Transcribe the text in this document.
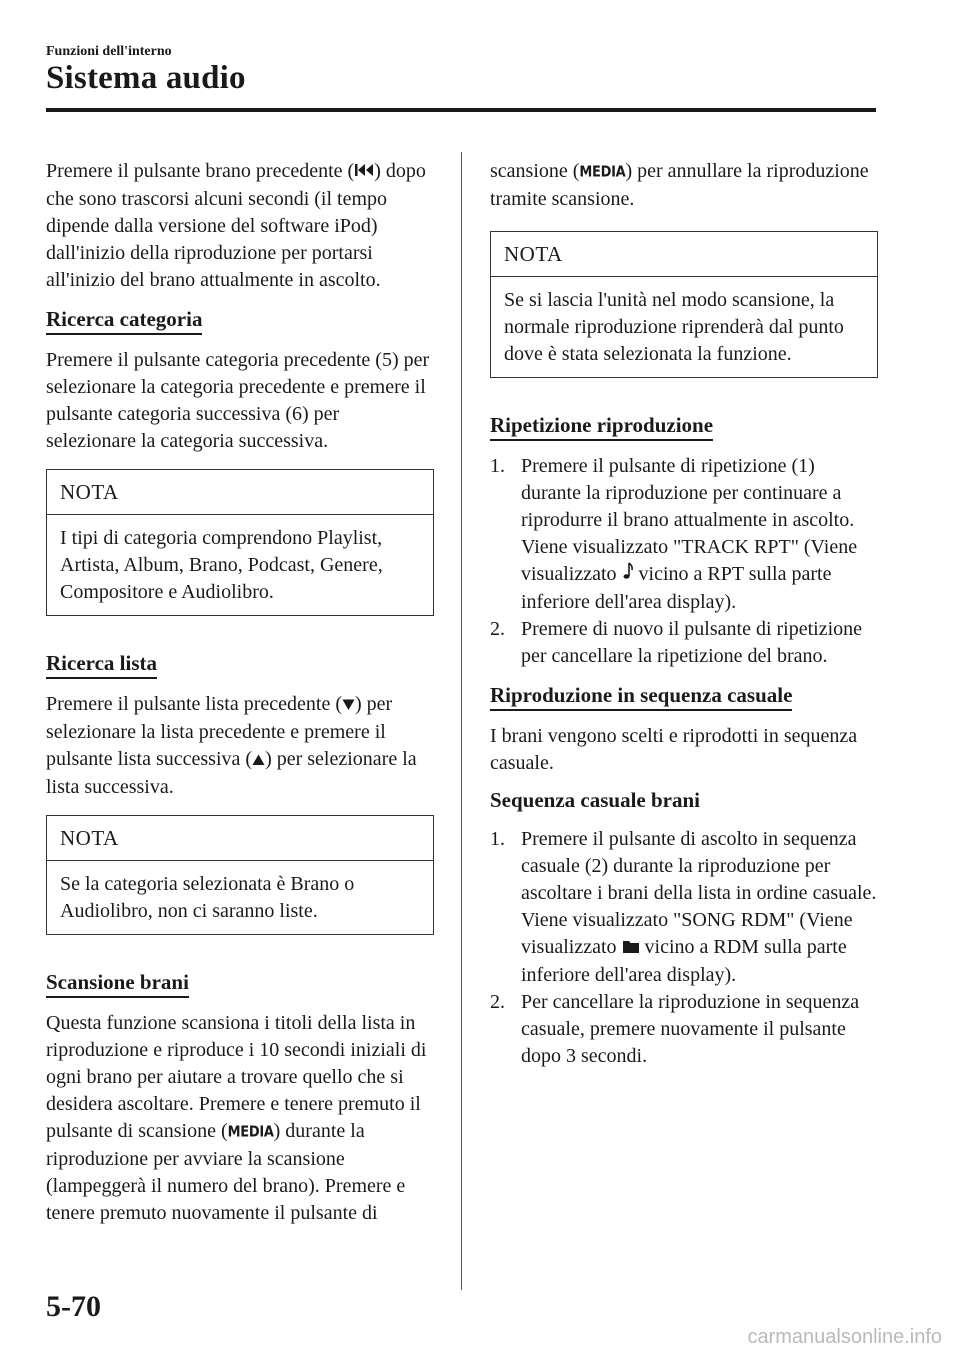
Funzioni dell'interno
Sistema audio

Premere il pulsante brano precedente ( ) dopo che sono trascorsi alcuni secondi (il tempo dipende dalla versione del software iPod) dall'inizio della riproduzione per portarsi all'inizio del brano attualmente in ascolto.

Ricerca categoria

Premere il pulsante categoria precedente (5) per selezionare la categoria precedente e premere il pulsante categoria successiva (6) per selezionare la categoria successiva.

NOTA
I tipi di categoria comprendono Playlist, Artista, Album, Brano, Podcast, Genere, Compositore e Audiolibro.
Ricerca lista

Premere il pulsante lista precedente ( ) per selezionare la lista precedente e premere il pulsante lista successiva ( ) per selezionare la lista successiva.

NOTA
Se la categoria selezionata è Brano o Audiolibro, non ci saranno liste.
Scansione brani

Questa funzione scansiona i titoli della lista in riproduzione e riproduce i 10 secondi iniziali di ogni brano per aiutare a trovare quello che si desidera ascoltare. Premere e tenere premuto il pulsante di scansione (MEDIA) durante la riproduzione per avviare la scansione (lampeggerà il numero del brano). Premere e tenere premuto nuovamente il pulsante di

scansione (MEDIA) per annullare la riproduzione tramite scansione.

NOTA
Se si lascia l'unità nel modo scansione, la normale riproduzione riprenderà dal punto dove è stata selezionata la funzione.
Ripetizione riproduzione
1. Premere il pulsante di ripetizione (1) durante la riproduzione per continuare a riprodurre il brano attualmente in ascolto. Viene visualizzato "TRACK RPT" (Viene visualizzato  vicino a RPT sulla parte inferiore dell'area display).
2. Premere di nuovo il pulsante di ripetizione per cancellare la ripetizione del brano.
Riproduzione in sequenza casuale

I brani vengono scelti e riprodotti in sequenza casuale.

Sequenza casuale brani
1. Premere il pulsante di ascolto in sequenza casuale (2) durante la riproduzione per ascoltare i brani della lista in ordine casuale. Viene visualizzato "SONG RDM" (Viene visualizzato  vicino a RDM sulla parte inferiore dell'area display).
2. Per cancellare la riproduzione in sequenza casuale, premere nuovamente il pulsante dopo 3 secondi.
5-70
carmanualsonline.info
